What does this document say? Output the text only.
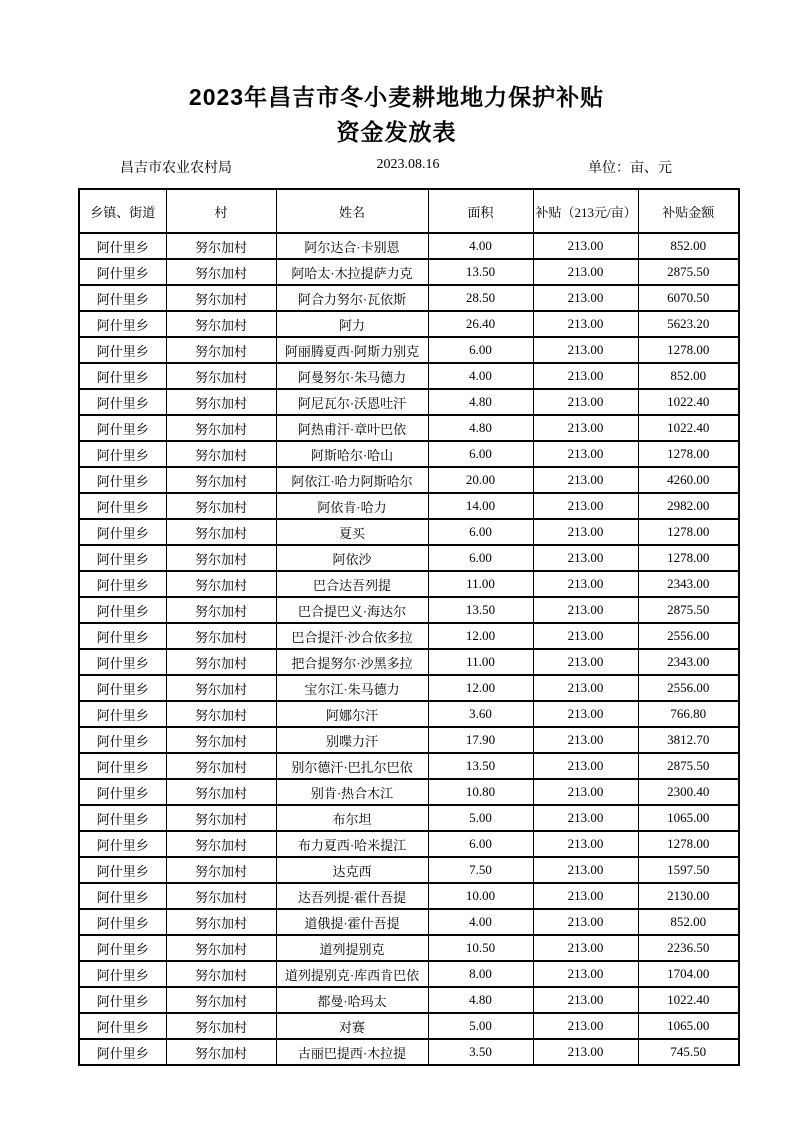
2023年昌吉市冬小麦耕地地力保护补贴
资金发放表
昌吉市农业农村局	2023.08.16	单位：亩、元
乡镇、街道	村	姓名	面积	补贴（213元/亩）	补贴金额
阿什里乡	努尔加村	阿尔达合·卡别恩	4.00	213.00	852.00
阿什里乡	努尔加村	阿哈太·木拉提萨力克	13.50	213.00	2875.50
阿什里乡	努尔加村	阿合力努尔·瓦依斯	28.50	213.00	6070.50
阿什里乡	努尔加村	阿力	26.40	213.00	5623.20
阿什里乡	努尔加村	阿丽腾夏西·阿斯力别克	6.00	213.00	1278.00
阿什里乡	努尔加村	阿曼努尔·朱马德力	4.00	213.00	852.00
阿什里乡	努尔加村	阿尼瓦尔·沃恩吐汗	4.80	213.00	1022.40
阿什里乡	努尔加村	阿热甫汗·章叶巴依	4.80	213.00	1022.40
阿什里乡	努尔加村	阿斯哈尔·哈山	6.00	213.00	1278.00
阿什里乡	努尔加村	阿依江·哈力阿斯哈尔	20.00	213.00	4260.00
阿什里乡	努尔加村	阿依肯·哈力	14.00	213.00	2982.00
阿什里乡	努尔加村	夏买	6.00	213.00	1278.00
阿什里乡	努尔加村	阿依沙	6.00	213.00	1278.00
阿什里乡	努尔加村	巴合达吾列提	11.00	213.00	2343.00
阿什里乡	努尔加村	巴合提巴义·海达尔	13.50	213.00	2875.50
阿什里乡	努尔加村	巴合提汗·沙合依多拉	12.00	213.00	2556.00
阿什里乡	努尔加村	把合提努尔·沙黑多拉	11.00	213.00	2343.00
阿什里乡	努尔加村	宝尔江·朱马德力	12.00	213.00	2556.00
阿什里乡	努尔加村	阿娜尔汗	3.60	213.00	766.80
阿什里乡	努尔加村	别喋力汗	17.90	213.00	3812.70
阿什里乡	努尔加村	别尔德汗·巴扎尔巴依	13.50	213.00	2875.50
阿什里乡	努尔加村	别肯·热合木江	10.80	213.00	2300.40
阿什里乡	努尔加村	布尔坦	5.00	213.00	1065.00
阿什里乡	努尔加村	布力夏西·哈米提江	6.00	213.00	1278.00
阿什里乡	努尔加村	达克西	7.50	213.00	1597.50
阿什里乡	努尔加村	达吾列提·霍什吾提	10.00	213.00	2130.00
阿什里乡	努尔加村	道俄提·霍什吾提	4.00	213.00	852.00
阿什里乡	努尔加村	道列提别克	10.50	213.00	2236.50
阿什里乡	努尔加村	道列提别克·库西肯巴依	8.00	213.00	1704.00
阿什里乡	努尔加村	都曼·哈玛太	4.80	213.00	1022.40
阿什里乡	努尔加村	对赛	5.00	213.00	1065.00
阿什里乡	努尔加村	古丽巴提西·木拉提	3.50	213.00	745.50
